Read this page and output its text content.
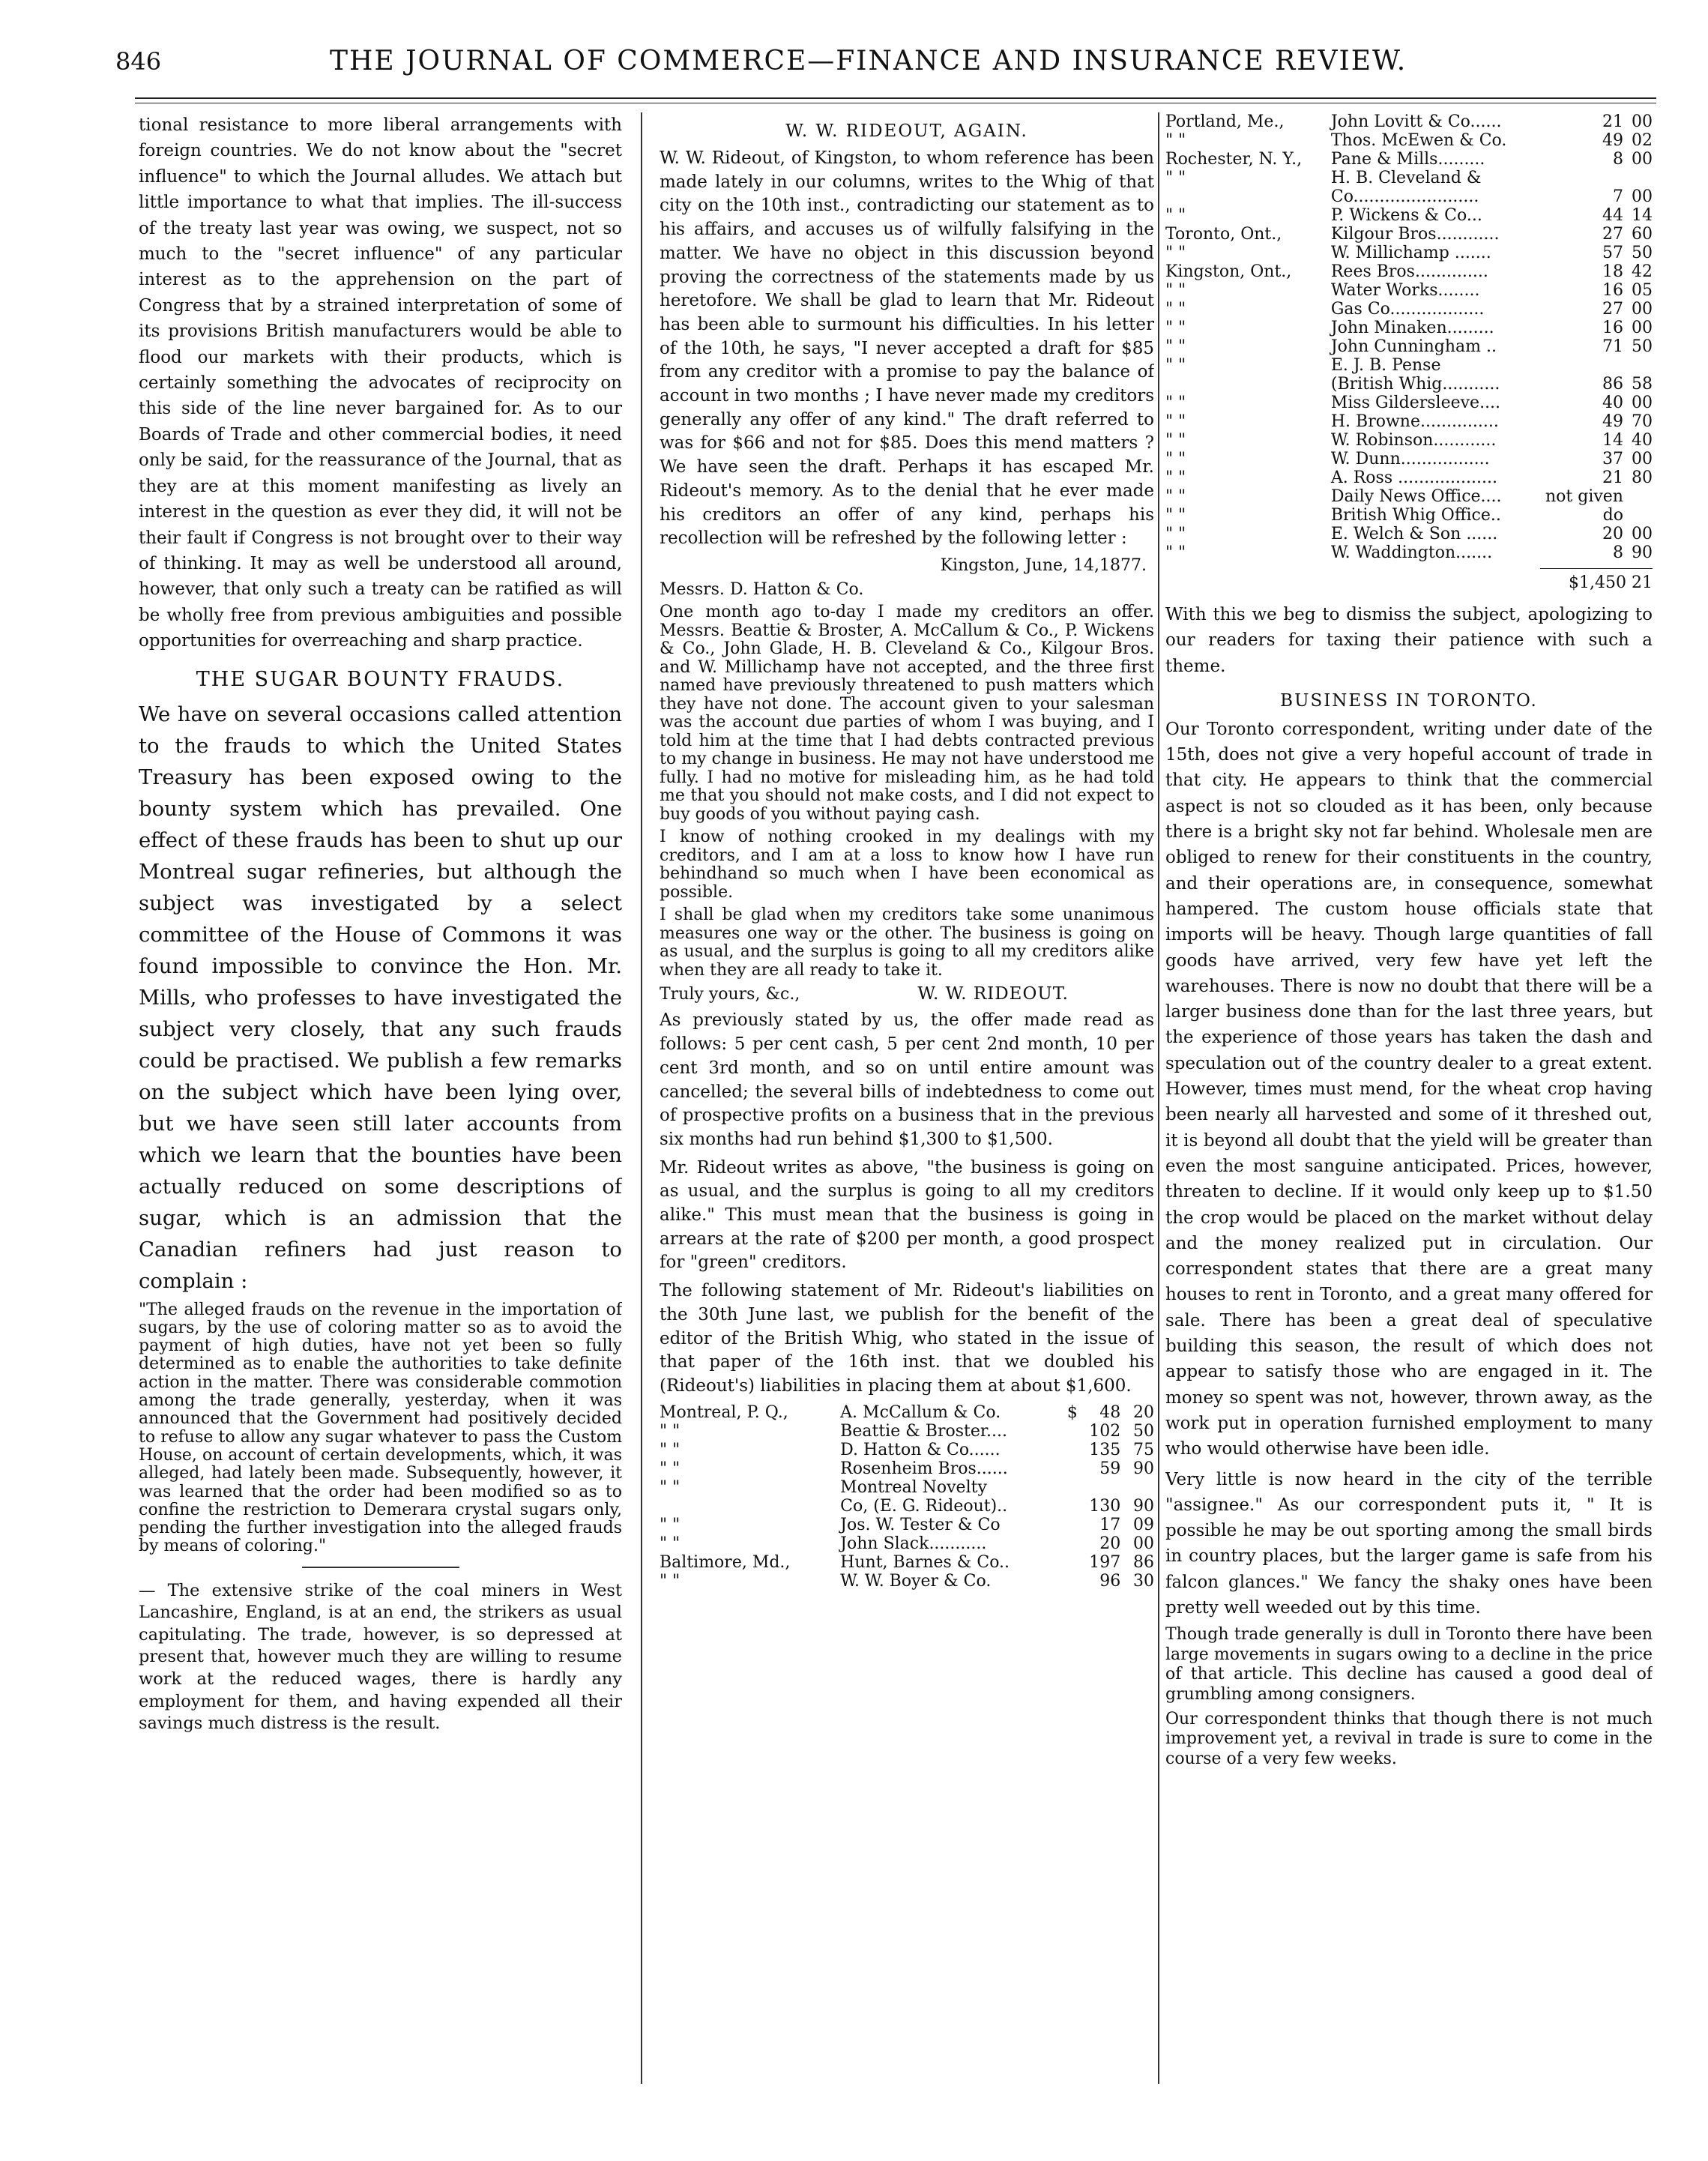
846	THE JOURNAL OF COMMERCE—FINANCE AND INSURANCE REVIEW.

tional resistance to more liberal arrangements with foreign countries. We do not know about the "secret influence" to which the Journal alludes. We attach but little importance to what that implies. The ill-success of the treaty last year was owing, we suspect, not so much to the "secret influence" of any particular interest as to the apprehension on the part of Congress that by a strained interpretation of some of its provisions British manufacturers would be able to flood our markets with their products, which is certainly something the advocates of reciprocity on this side of the line never bargained for. As to our Boards of Trade and other commercial bodies, it need only be said, for the reassurance of the Journal, that as they are at this moment manifesting as lively an interest in the question as ever they did, it will not be their fault if Congress is not brought over to their way of thinking. It may as well be understood all around, however, that only such a treaty can be ratified as will be wholly free from previous ambiguities and possible opportunities for overreaching and sharp practice.

THE SUGAR BOUNTY FRAUDS.

We have on several occasions called attention to the frauds to which the United States Treasury has been exposed owing to the bounty system which has prevailed. One effect of these frauds has been to shut up our Montreal sugar refineries, but although the subject was investigated by a select committee of the House of Commons it was found impossible to convince the Hon. Mr. Mills, who professes to have investigated the subject very closely, that any such frauds could be practised. We publish a few remarks on the subject which have been lying over, but we have seen still later accounts from which we learn that the bounties have been actually reduced on some descriptions of sugar, which is an admission that the Canadian refiners had just reason to complain :

"The alleged frauds on the revenue in the importation of sugars, by the use of coloring matter so as to avoid the payment of high duties, have not yet been so fully determined as to enable the authorities to take definite action in the matter. There was considerable commotion among the trade generally, yesterday, when it was announced that the Government had positively decided to refuse to allow any sugar whatever to pass the Custom House, on account of certain developments, which, it was alleged, had lately been made. Subsequently, however, it was learned that the order had been modified so as to confine the restriction to Demerara crystal sugars only, pending the further investigation into the alleged frauds by means of coloring."

— The extensive strike of the coal miners in West Lancashire, England, is at an end, the strikers as usual capitulating. The trade, however, is so depressed at present that, however much they are willing to resume work at the reduced wages, there is hardly any employment for them, and having expended all their savings much distress is the result.

W. W. RIDEOUT, AGAIN.

W. W. Rideout, of Kingston, to whom reference has been made lately in our columns, writes to the Whig of that city on the 10th inst., contradicting our statement as to his affairs, and accuses us of wilfully falsifying in the matter. We have no object in this discussion beyond proving the correctness of the statements made by us heretofore. We shall be glad to learn that Mr. Rideout has been able to surmount his difficulties. In his letter of the 10th, he says, "I never accepted a draft for $85 from any creditor with a promise to pay the balance of account in two months ; I have never made my creditors generally any offer of any kind." The draft referred to was for $66 and not for $85. Does this mend matters ? We have seen the draft. Perhaps it has escaped Mr. Rideout's memory. As to the denial that he ever made his creditors an offer of any kind, perhaps his recollection will be refreshed by the following letter :

Kingston, June, 14,1877.

Messrs. D. Hatton & Co.

One month ago to-day I made my creditors an offer. Messrs. Beattie & Broster, A. McCallum & Co., P. Wickens & Co., John Glade, H. B. Cleveland & Co., Kilgour Bros. and W. Millichamp have not accepted, and the three first named have previously threatened to push matters which they have not done. The account given to your salesman was the account due parties of whom I was buying, and I told him at the time that I had debts contracted previous to my change in business. He may not have understood me fully. I had no motive for misleading him, as he had told me that you should not make costs, and I did not expect to buy goods of you without paying cash.

I know of nothing crooked in my dealings with my creditors, and I am at a loss to know how I have run behindhand so much when I have been economical as possible.

I shall be glad when my creditors take some unanimous measures one way or the other. The business is going on as usual, and the surplus is going to all my creditors alike when they are all ready to take it.

Truly yours, &c.,	W. W. RIDEOUT.

As previously stated by us, the offer made read as follows: 5 per cent cash, 5 per cent 2nd month, 10 per cent 3rd month, and so on until entire amount was cancelled; the several bills of indebtedness to come out of prospective profits on a business that in the previous six months had run behind $1,300 to $1,500.

Mr. Rideout writes as above, "the business is going on as usual, and the surplus is going to all my creditors alike." This must mean that the business is going in arrears at the rate of $200 per month, a good prospect for "green" creditors.

The following statement of Mr. Rideout's liabilities on the 30th June last, we publish for the benefit of the editor of the British Whig, who stated in the issue of that paper of the 16th inst. that we doubled his (Rideout's) liabilities in placing them at about $1,600.

Montreal, P. Q.,	A. McCallum & Co.	$	48	20
" "	Beattie & Broster....		102	50
" "	D. Hatton & Co......		135	75
" "	Rosenheim Bros......		59	90
" "	Montreal Novelty			
	Co, (E. G. Rideout)..		130	90
" "	Jos. W. Tester & Co		17	09
" "	John Slack...........		20	00
Baltimore, Md.,	Hunt, Barnes & Co..		197	86
" "	W. W. Boyer & Co.		96	30
Portland, Me.,	John Lovitt & Co......	21	00
" "	Thos. McEwen & Co.	49	02
Rochester, N. Y.,	Pane & Mills.........	8	00
" "	H. B. Cleveland &		
	Co........................	7	00
" "	P. Wickens & Co...	44	14
Toronto, Ont.,	Kilgour Bros............	27	60
" "	W. Millichamp .......	57	50
Kingston, Ont.,	Rees Bros..............	18	42
" "	Water Works........	16	05
" "	Gas Co..................	27	00
" "	John Minaken.........	16	00
" "	John Cunningham ..	71	50
" "	E. J. B. Pense		
	(British Whig...........	86	58
" "	Miss Gildersleeve....	40	00
" "	H. Browne...............	49	70
" "	W. Robinson............	14	40
" "	W. Dunn.................	37	00
" "	A. Ross ...................	21	80
" "	Daily News Office....	not given	
" "	British Whig Office..	do	
" "	E. Welch & Son ......	20	00
" "	W. Waddington.......	8	90
$1,450 21

With this we beg to dismiss the subject, apologizing to our readers for taxing their patience with such a theme.

BUSINESS IN TORONTO.

Our Toronto correspondent, writing under date of the 15th, does not give a very hopeful account of trade in that city. He appears to think that the commercial aspect is not so clouded as it has been, only because there is a bright sky not far behind. Wholesale men are obliged to renew for their constituents in the country, and their operations are, in consequence, somewhat hampered. The custom house officials state that imports will be heavy. Though large quantities of fall goods have arrived, very few have yet left the warehouses. There is now no doubt that there will be a larger business done than for the last three years, but the experience of those years has taken the dash and speculation out of the country dealer to a great extent. However, times must mend, for the wheat crop having been nearly all harvested and some of it threshed out, it is beyond all doubt that the yield will be greater than even the most sanguine anticipated. Prices, however, threaten to decline. If it would only keep up to $1.50 the crop would be placed on the market without delay and the money realized put in circulation. Our correspondent states that there are a great many houses to rent in Toronto, and a great many offered for sale. There has been a great deal of speculative building this season, the result of which does not appear to satisfy those who are engaged in it. The money so spent was not, however, thrown away, as the work put in operation furnished employment to many who would otherwise have been idle.

Very little is now heard in the city of the terrible "assignee." As our correspondent puts it, " It is possible he may be out sporting among the small birds in country places, but the larger game is safe from his falcon glances." We fancy the shaky ones have been pretty well weeded out by this time.

Though trade generally is dull in Toronto there have been large movements in sugars owing to a decline in the price of that article. This decline has caused a good deal of grumbling among consigners.

Our correspondent thinks that though there is not much improvement yet, a revival in trade is sure to come in the course of a very few weeks.
